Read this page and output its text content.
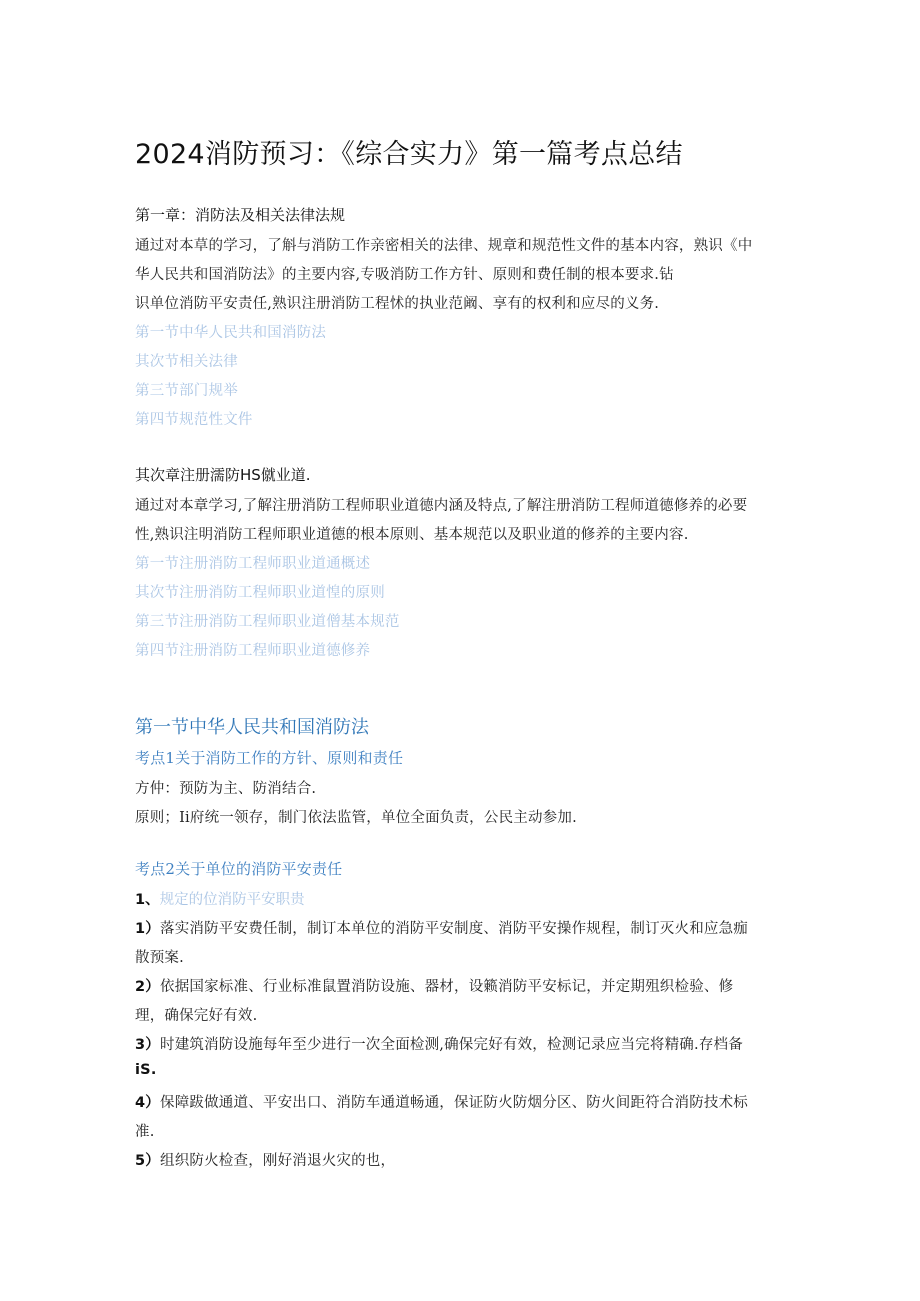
2024消防预习：《综合实力》第一篇考点总结
第一章：消防法及相关法律法规
通过对本草的学习，了斛与消防工作亲密相关的法律、规章和规范性文件的基本内容，熟识《中
华人民共和国消防法》的主要内容,专吸消防工作方针、原则和费任制的根本要求.钻
识单位消防平安责任,熟识注册消防工程怵的执业范阚、享有的权利和应尽的义务.
第一节中华人民共和国消防法
其次节相关法律
第三节部门规举
第四节规范性文件
其次章注册濡防HS僦业道.
通过对本章学习,了解注册消防工程师职业道德内涵及特点,了解注册消防工程师道德修养的必要
性,熟识注明消防工程师职业道德的根本原则、基本规范以及职业道的修养的主要内容.
第一节注册消防工程师职业道通概述
其次节注册消防工程师职业道惶的原则
第三节注册消防工程师职业道僧基本规范
第四节注册消防工程师职业道德修养
第一节中华人民共和国消防法
考点1关于消防工作的方针、原则和责任
方仲：预防为主、防消结合.
原则；Ii府统一领存，制门依法监管，单位全面负责，公民主动参加.
考点2关于单位的消防平安责任
1、规定的位消防平安职贵
1）落实消防平安费任制，制订本单位的消防平安制度、消防平安操作规程，制订灭火和应急痂
散预案.
2）依据国家标准、行业标准鼠置消防设施、器材，设籁消防平安标记，并定期殂织检验、修
理，确保完好有效.
3）时建筑消防设施每年至少进行一次全面检测,确保完好有效，检测记录应当完将精确.存档备
iS.
4）保障跋做通道、平安出口、消防车通道畅通，保证防火防烟分区、防火间距符合消防技术标
准.
5）组织防火检查，刚好消退火灾的也，
